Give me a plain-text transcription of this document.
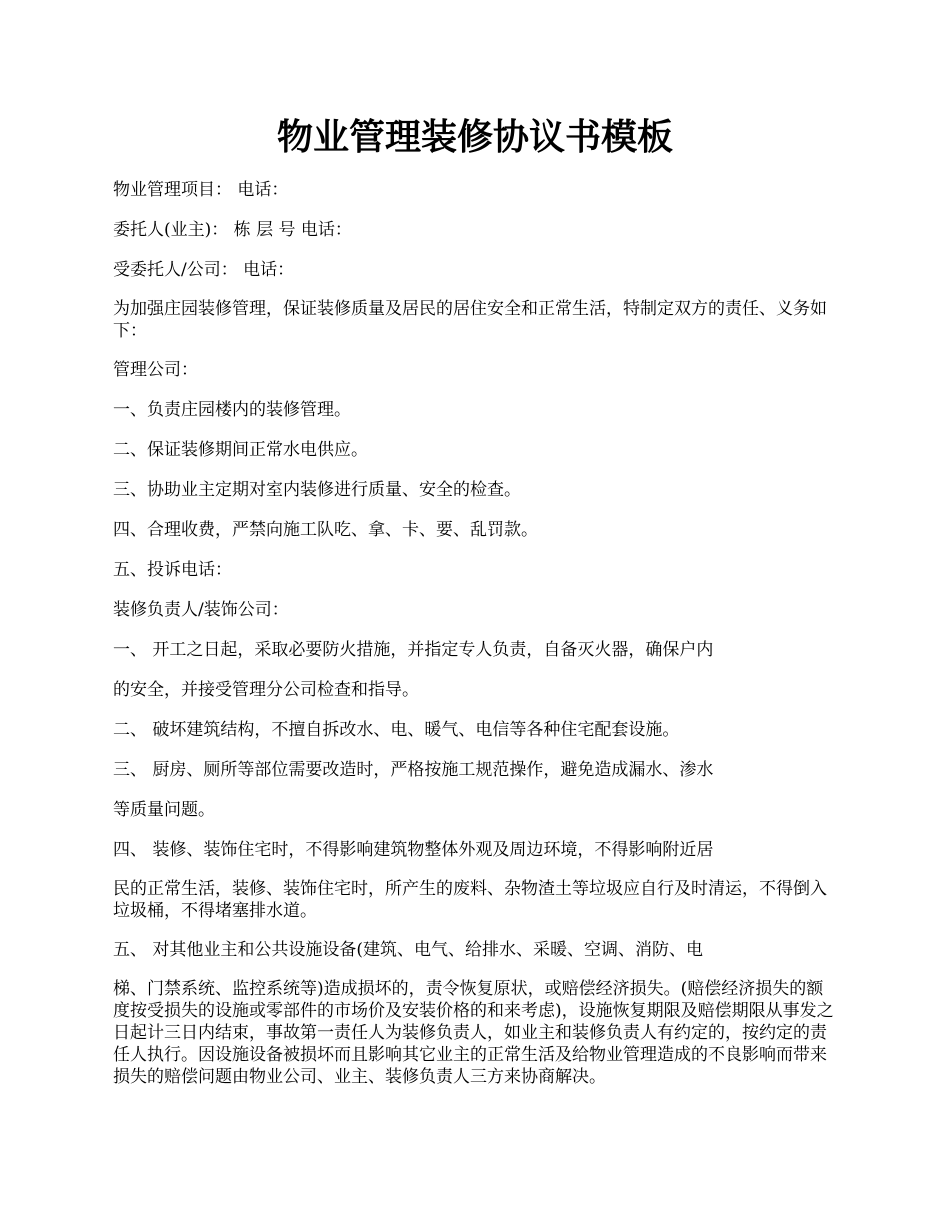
物业管理装修协议书模板

物业管理项目： 电话：

委托人(业主)： 栋 层 号 电话：

受委托人/公司： 电话：

为加强庄园装修管理，保证装修质量及居民的居住安全和正常生活，特制定双方的责任、义务如下：

管理公司：

一、负责庄园楼内的装修管理。

二、保证装修期间正常水电供应。

三、协助业主定期对室内装修进行质量、安全的检查。

四、合理收费，严禁向施工队吃、拿、卡、要、乱罚款。

五、投诉电话：

装修负责人/装饰公司：

一、 开工之日起，采取必要防火措施，并指定专人负责，自备灭火器，确保户内

的安全，并接受管理分公司检查和指导。

二、 破坏建筑结构，不擅自拆改水、电、暖气、电信等各种住宅配套设施。

三、 厨房、厕所等部位需要改造时，严格按施工规范操作，避免造成漏水、渗水

等质量问题。

四、 装修、装饰住宅时，不得影响建筑物整体外观及周边环境，不得影响附近居

民的正常生活，装修、装饰住宅时，所产生的废料、杂物渣土等垃圾应自行及时清运，不得倒入垃圾桶，不得堵塞排水道。

五、 对其他业主和公共设施设备(建筑、电气、给排水、采暖、空调、消防、电

梯、门禁系统、监控系统等)造成损坏的，责令恢复原状，或赔偿经济损失。(赔偿经济损失的额度按受损失的设施或零部件的市场价及安装价格的和来考虑)，设施恢复期限及赔偿期限从事发之日起计三日内结束，事故第一责任人为装修负责人，如业主和装修负责人有约定的，按约定的责任人执行。因设施设备被损坏而且影响其它业主的正常生活及给物业管理造成的不良影响而带来损失的赔偿问题由物业公司、业主、装修负责人三方来协商解决。
